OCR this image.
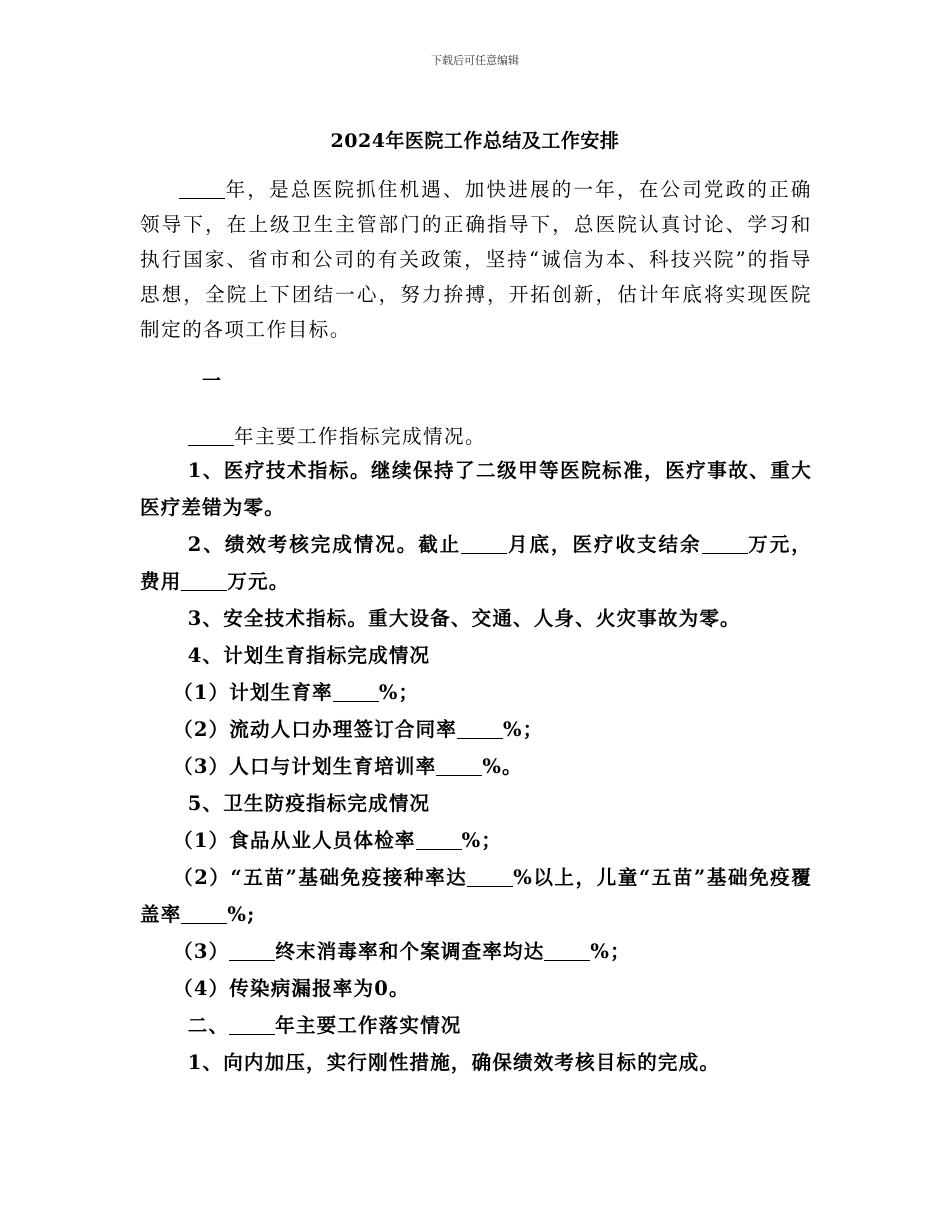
下载后可任意编辑
2024年医院工作总结及工作安排

年，是总医院抓住机遇、加快进展的一年，在公司党政的正确领导下，在上级卫生主管部门的正确指导下，总医院认真讨论、学习和执行国家、省市和公司的有关政策，坚持“诚信为本、科技兴院”的指导思想，全院上下团结一心，努力拚搏，开拓创新，估计年底将实现医院制定的各项工作目标。

一
年主要工作指标完成情况。

1、医疗技术指标。继续保持了二级甲等医院标准，医疗事故、重大医疗差错为零。

2、绩效考核完成情况。截止 月底，医疗收支结余 万元，费用 万元。

3、安全技术指标。重大设备、交通、人身、火灾事故为零。

4、计划生育指标完成情况

（1）计划生育率 %；

（2）流动人口办理签订合同率 %；

（3）人口与计划生育培训率 %。

5、卫生防疫指标完成情况

（1）食品从业人员体检率 %；

（2）“五苗”基础免疫接种率达 %以上，儿童“五苗”基础免疫覆盖率 %;

（3） 终末消毒率和个案调查率均达 %；

（4）传染病漏报率为0。

二、 年主要工作落实情况

1、向内加压，实行刚性措施，确保绩效考核目标的完成。
